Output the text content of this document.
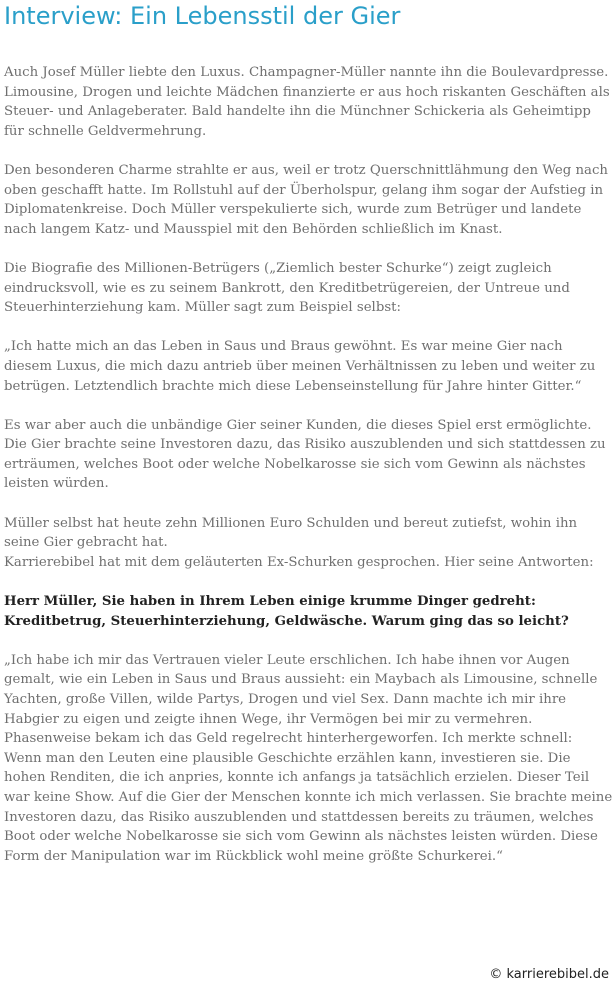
Interview: Ein Lebensstil der Gier

Auch Josef Müller liebte den Luxus. Champagner-Müller nannte ihn die Boulevardpresse. Limousine, Drogen und leichte Mädchen finanzierte er aus hoch riskanten Geschäften als Steuer- und Anlageberater. Bald handelte ihn die Münchner Schickeria als Geheimtipp für schnelle Geldvermehrung.

Den besonderen Charme strahlte er aus, weil er trotz Querschnittlähmung den Weg nach oben geschafft hatte. Im Rollstuhl auf der Überholspur, gelang ihm sogar der Aufstieg in Diplomatenkreise. Doch Müller verspekulierte sich, wurde zum Betrüger und landete nach langem Katz- und Mausspiel mit den Behörden schließlich im Knast.

Die Biografie des Millionen-Betrügers („Ziemlich bester Schurke“) zeigt zugleich eindrucksvoll, wie es zu seinem Bankrott, den Kreditbetrügereien, der Untreue und Steuerhinterziehung kam. Müller sagt zum Beispiel selbst:

„Ich hatte mich an das Leben in Saus und Braus gewöhnt. Es war meine Gier nach diesem Luxus, die mich dazu antrieb über meinen Verhältnissen zu leben und weiter zu betrügen. Letztendlich brachte mich diese Lebenseinstellung für Jahre hinter Gitter.“

Es war aber auch die unbändige Gier seiner Kunden, die dieses Spiel erst ermöglichte. Die Gier brachte seine Investoren dazu, das Risiko auszublenden und sich stattdessen zu erträumen, welches Boot oder welche Nobelkarosse sie sich vom Gewinn als nächstes leisten würden.

Müller selbst hat heute zehn Millionen Euro Schulden und bereut zutiefst, wohin ihn seine Gier gebracht hat.

Karrierebibel hat mit dem geläuterten Ex-Schurken gesprochen. Hier seine Antworten:

Herr Müller, Sie haben in Ihrem Leben einige krumme Dinger gedreht: Kreditbetrug, Steuerhinterziehung, Geldwäsche. Warum ging das so leicht?

„Ich habe ich mir das Vertrauen vieler Leute erschlichen. Ich habe ihnen vor Augen gemalt, wie ein Leben in Saus und Braus aussieht: ein Maybach als Limousine, schnelle Yachten, große Villen, wilde Partys, Drogen und viel Sex. Dann machte ich mir ihre Habgier zu eigen und zeigte ihnen Wege, ihr Vermögen bei mir zu vermehren. Phasenweise bekam ich das Geld regelrecht hinterhergeworfen. Ich merkte schnell: Wenn man den Leuten eine plausible Geschichte erzählen kann, investieren sie. Die hohen Renditen, die ich anpries, konnte ich anfangs ja tatsächlich erzielen. Dieser Teil war keine Show. Auf die Gier der Menschen konnte ich mich verlassen. Sie brachte meine Investoren dazu, das Risiko auszublenden und stattdessen bereits zu träumen, welches Boot oder welche Nobelkarosse sie sich vom Gewinn als nächstes leisten würden. Diese Form der Manipulation war im Rückblick wohl meine größte Schurkerei.“

© karrierebibel.de
